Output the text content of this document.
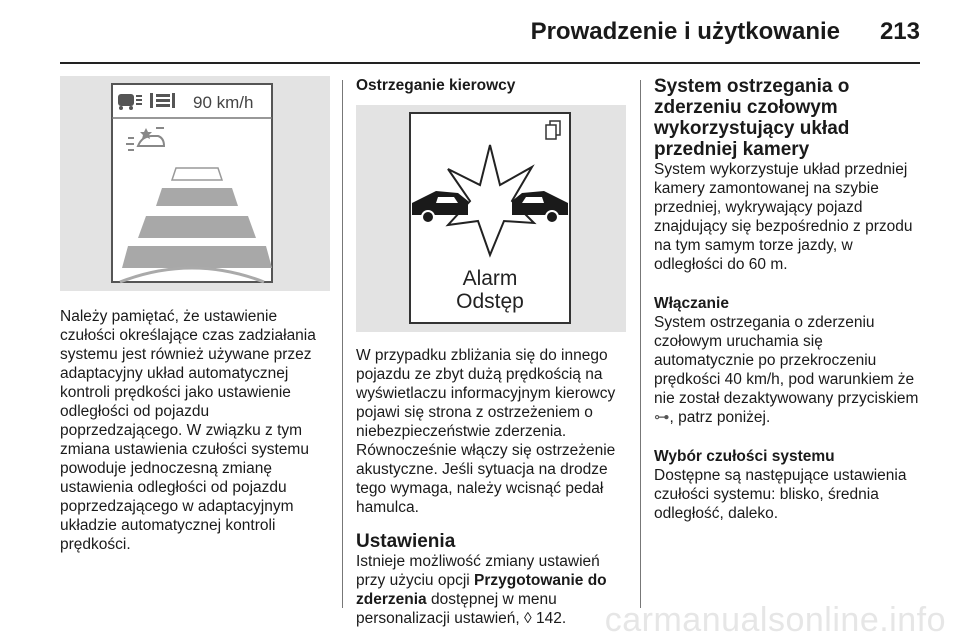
Prowadzenie i użytkowanie 213
90 km/h

Należy pamiętać, że ustawienie czułości określające czas zadziałania systemu jest również używane przez adaptacyjny układ automatycznej kontroli prędkości jako ustawienie odległości od pojazdu poprzedzającego. W związku z tym zmiana ustawienia czułości systemu powoduje jednoczesną zmianę ustawienia odległości od pojazdu poprzedzającego w adaptacyjnym układzie automatycznej kontroli prędkości.

Ostrzeganie kierowcy
Alarm
Odstęp

W przypadku zbliżania się do innego pojazdu ze zbyt dużą prędkością na wyświetlaczu informacyjnym kierowcy pojawi się strona z ostrzeżeniem o niebezpieczeństwie zderzenia. Równocześnie włączy się ostrzeżenie akustyczne. Jeśli sytuacja na drodze tego wymaga, należy wcisnąć pedał hamulca.

Ustawienia

Istnieje możliwość zmiany ustawień przy użyciu opcji Przygotowanie do zderzenia dostępnej w menu personalizacji ustawień, ◊ 142.

System ostrzegania o zderzeniu czołowym wykorzystujący układ przedniej kamery

System wykorzystuje układ przedniej kamery zamontowanej na szybie przedniej, wykrywający pojazd znajdujący się bezpośrednio z przodu na tym samym torze jazdy, w odległości do 60 m.

Włączanie

System ostrzegania o zderzeniu czołowym uruchamia się automatycznie po przekroczeniu prędkości 40 km/h, pod warunkiem że nie został dezaktywowany przyciskiem ⊶, patrz poniżej.

Wybór czułości systemu

Dostępne są następujące ustawienia czułości systemu: blisko, średnia odległość, daleko.

carmanualsonline.info
